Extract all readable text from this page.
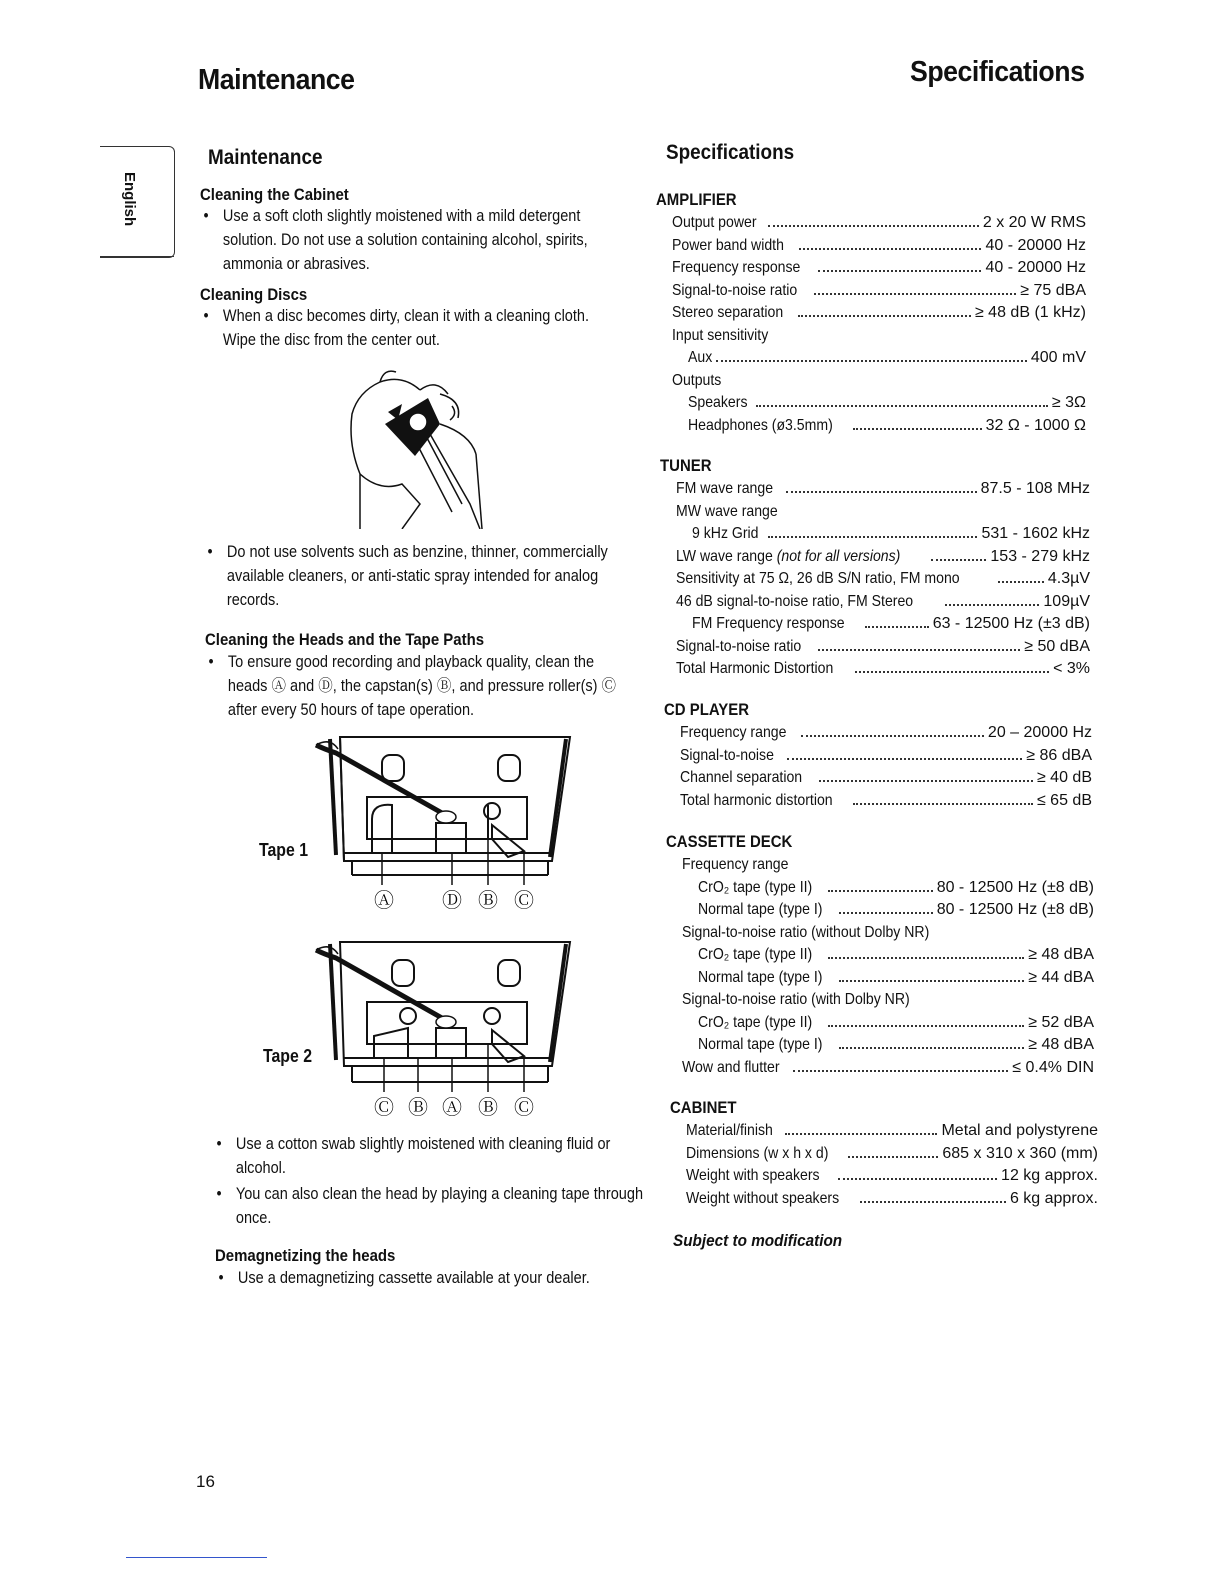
Maintenance	Specifications
English
Maintenance
Cleaning the Cabinet
• Use a soft cloth slightly moistened with a mild detergent solution. Do not use a solution containing alcohol, spirits, ammonia or abrasives.
Cleaning Discs
• When a disc becomes dirty, clean it with a cleaning cloth. Wipe the disc from the center out.
• Do not use solvents such as benzine, thinner, commercially available cleaners, or anti-static spray intended for analog records.
Cleaning the Heads and the Tape Paths
• To ensure good recording and playback quality, clean the heads Ⓐ and Ⓓ, the capstan(s) Ⓑ, and pressure roller(s) Ⓒ after every 50 hours of tape operation.
Tape 1
Ⓐ Ⓓ Ⓑ Ⓒ
Tape 2
Ⓒ Ⓑ Ⓐ Ⓑ Ⓒ
• Use a cotton swab slightly moistened with cleaning fluid or alcohol.
• You can also clean the head by playing a cleaning tape through once.
Demagnetizing the heads
• Use a demagnetizing cassette available at your dealer.
16
Specifications
AMPLIFIER
Output power	2 x 20 W RMS
Power band width	40 - 20000 Hz
Frequency response	40 - 20000 Hz
Signal-to-noise ratio	≥ 75 dBA
Stereo separation	≥ 48 dB (1 kHz)
Input sensitivity
Aux	400 mV
Outputs
Speakers	≥ 3Ω
Headphones (ø3.5mm)	32 Ω - 1000 Ω
TUNER
FM wave range	87.5 - 108 MHz
MW wave range
9 kHz Grid	531 - 1602 kHz
LW wave range (not for all versions)	153 - 279 kHz
Sensitivity at 75 Ω, 26 dB S/N ratio, FM mono	4.3µV
46 dB signal-to-noise ratio, FM Stereo	109µV
FM Frequency response	63 - 12500 Hz (±3 dB)
Signal-to-noise ratio	≥ 50 dBA
Total Harmonic Distortion	< 3%
CD PLAYER
Frequency range	20 – 20000 Hz
Signal-to-noise	≥ 86 dBA
Channel separation	≥ 40 dB
Total harmonic distortion	≤ 65 dB
CASSETTE DECK
Frequency range
CrO₂ tape (type II)	80 - 12500 Hz (±8 dB)
Normal tape (type I)	80 - 12500 Hz (±8 dB)
Signal-to-noise ratio (without Dolby NR)
CrO₂ tape (type II)	≥ 48 dBA
Normal tape (type I)	≥ 44 dBA
Signal-to-noise ratio (with Dolby NR)
CrO₂ tape (type II)	≥ 52 dBA
Normal tape (type I)	≥ 48 dBA
Wow and flutter	≤ 0.4% DIN
CABINET
Material/finish	Metal and polystyrene
Dimensions (w x h x d)	685 x 310 x 360 (mm)
Weight with speakers	12 kg approx.
Weight without speakers	6 kg approx.
Subject to modification
